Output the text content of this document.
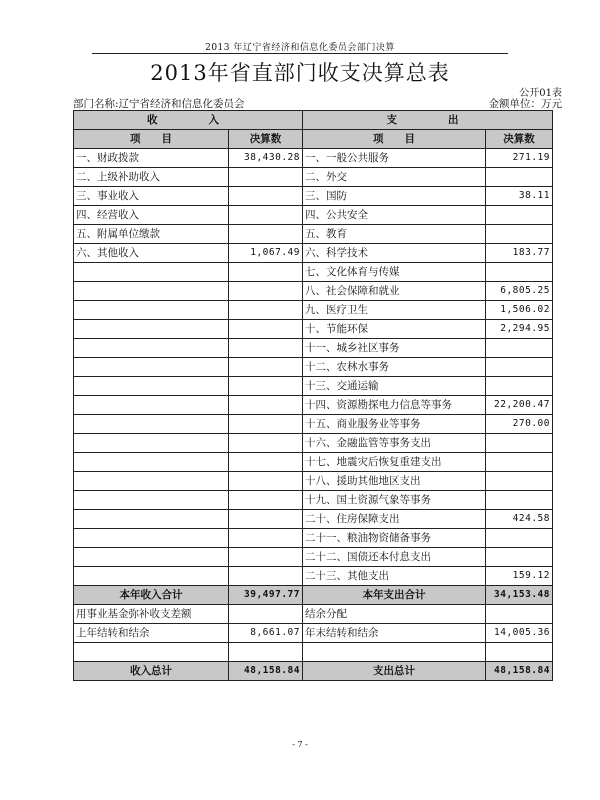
2013 年辽宁省经济和信息化委员会部门决算
2013年省直部门收支决算总表
公开01表
部门名称:辽宁省经济和信息化委员会	金额单位：万元
收　　入		支　　出	
项　　目	决算数	项　　目	决算数
一、财政拨款	38,430.28	一、一般公共服务	271.19
二、上级补助收入		二、外交	
三、事业收入		三、国防	38.11
四、经营收入		四、公共安全	
五、附属单位缴款		五、教育	
六、其他收入	1,067.49	六、科学技术	183.77
		七、文化体育与传媒	
		八、社会保障和就业	6,805.25
		九、医疗卫生	1,506.02
		十、节能环保	2,294.95
		十一、城乡社区事务	
		十二、农林水事务	
		十三、交通运输	
		十四、资源勘探电力信息等事务	22,200.47
		十五、商业服务业等事务	270.00
		十六、金融监管等事务支出	
		十七、地震灾后恢复重建支出	
		十八、援助其他地区支出	
		十九、国土资源气象等事务	
		二十、住房保障支出	424.58
		二十一、粮油物资储备事务	
		二十二、国债还本付息支出	
		二十三、其他支出	159.12
本年收入合计	39,497.77	本年支出合计	34,153.48
用事业基金弥补收支差额		结余分配	
上年结转和结余	8,661.07	年末结转和结余	14,005.36

收入总计	48,158.84	支出总计	48,158.84
- 7 -
